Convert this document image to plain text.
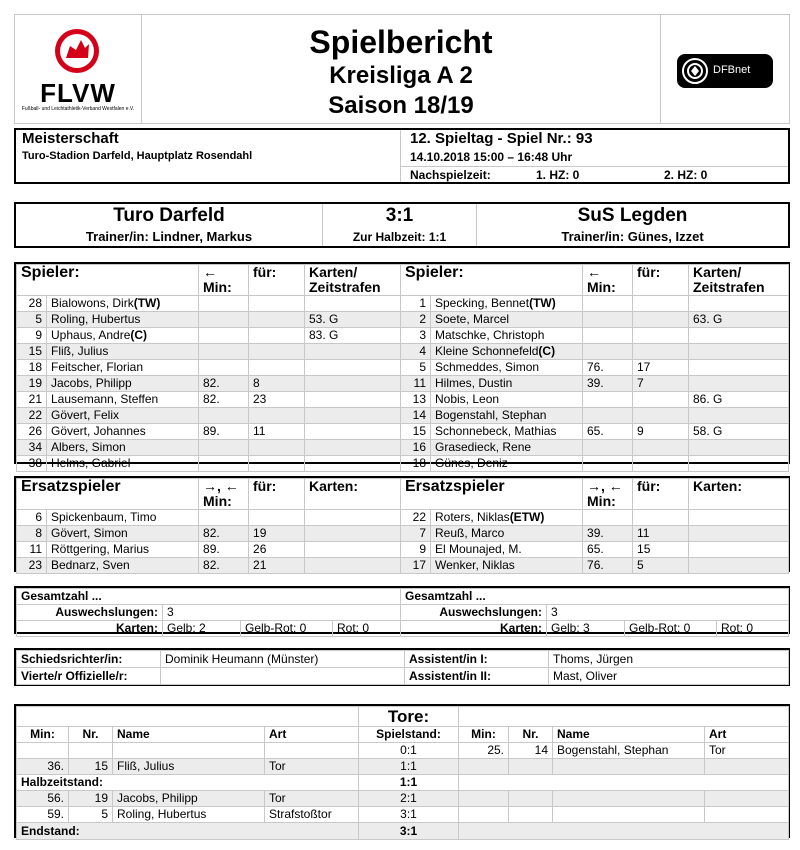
FLVW
Fußball- und Leichtathletik-Verband Westfalen e.V.
Spielbericht
Kreisliga A 2
Saison 18/19
DFBnet
Meisterschaft
Turo-Stadion Darfeld, Hauptplatz Rosendahl
12. Spieltag - Spiel Nr.: 93
14.10.2018 15:00 – 16:48 Uhr
Nachspielzeit:	1. HZ: 0	2. HZ: 0
Turo Darfeld
Trainer/in: Lindner, Markus
3:1
Zur Halbzeit: 1:1
SuS Legden
Trainer/in: Günes, Izzet
Spieler:		← Min:	für:	Karten/ Zeitstrafen
28	Bialowons, Dirk(TW)			
5	Roling, Hubertus			53. G
9	Uphaus, Andre(C)			83. G
15	Fliß, Julius			
18	Feitscher, Florian			
19	Jacobs, Philipp	82.	8	
21	Lausemann, Steffen	82.	23	
22	Gövert, Felix			
26	Gövert, Johannes	89.	11	
34	Albers, Simon			
38	Helms, Gabriel			
Spieler:		← Min:	für:	Karten/ Zeitstrafen
1	Specking, Bennet(TW)			
2	Soete, Marcel			63. G
3	Matschke, Christoph			
4	Kleine Schonnefeld(C)			
5	Schmeddes, Simon	76.	17	
11	Hilmes, Dustin	39.	7	
13	Nobis, Leon			86. G
14	Bogenstahl, Stephan			
15	Schonnebeck, Mathias	65.	9	58. G
16	Grasedieck, Rene			
18	Günes, Deniz			
Ersatzspieler		→, ← Min:	für:	Karten:
6	Spickenbaum, Timo			
8	Gövert, Simon	82.	19	
11	Röttgering, Marius	89.	26	
23	Bednarz, Sven	82.	21	
Ersatzspieler		→, ← Min:	für:	Karten:
22	Roters, Niklas(ETW)			
7	Reuß, Marco	39.	11	
9	El Mounajed, M.	65.	15	
17	Wenker, Niklas	76.	5	
Gesamtzahl ...			
Auswechslungen:	3		
Karten:	Gelb: 2	Gelb-Rot: 0	Rot: 0
Gesamtzahl ...			
Auswechslungen:	3		
Karten:	Gelb: 3	Gelb-Rot: 0	Rot: 0
Schiedsrichter/in:	Dominik Heumann (Münster)	Assistent/in I:	Thoms, Jürgen
Vierte/r Offizielle/r:		Assistent/in II:	Mast, Oliver
				Tore:				
Min:	Nr.	Name	Art	Spielstand:	Min:	Nr.	Name	Art
				0:1	25.	14	Bogenstahl, Stephan	Tor
36.	15	Fliß, Julius	Tor	1:1				
Halbzeitstand:				1:1				
56.	19	Jacobs, Philipp	Tor	2:1				
59.	5	Roling, Hubertus	Strafstoßtor	3:1				
Endstand:				3:1				
